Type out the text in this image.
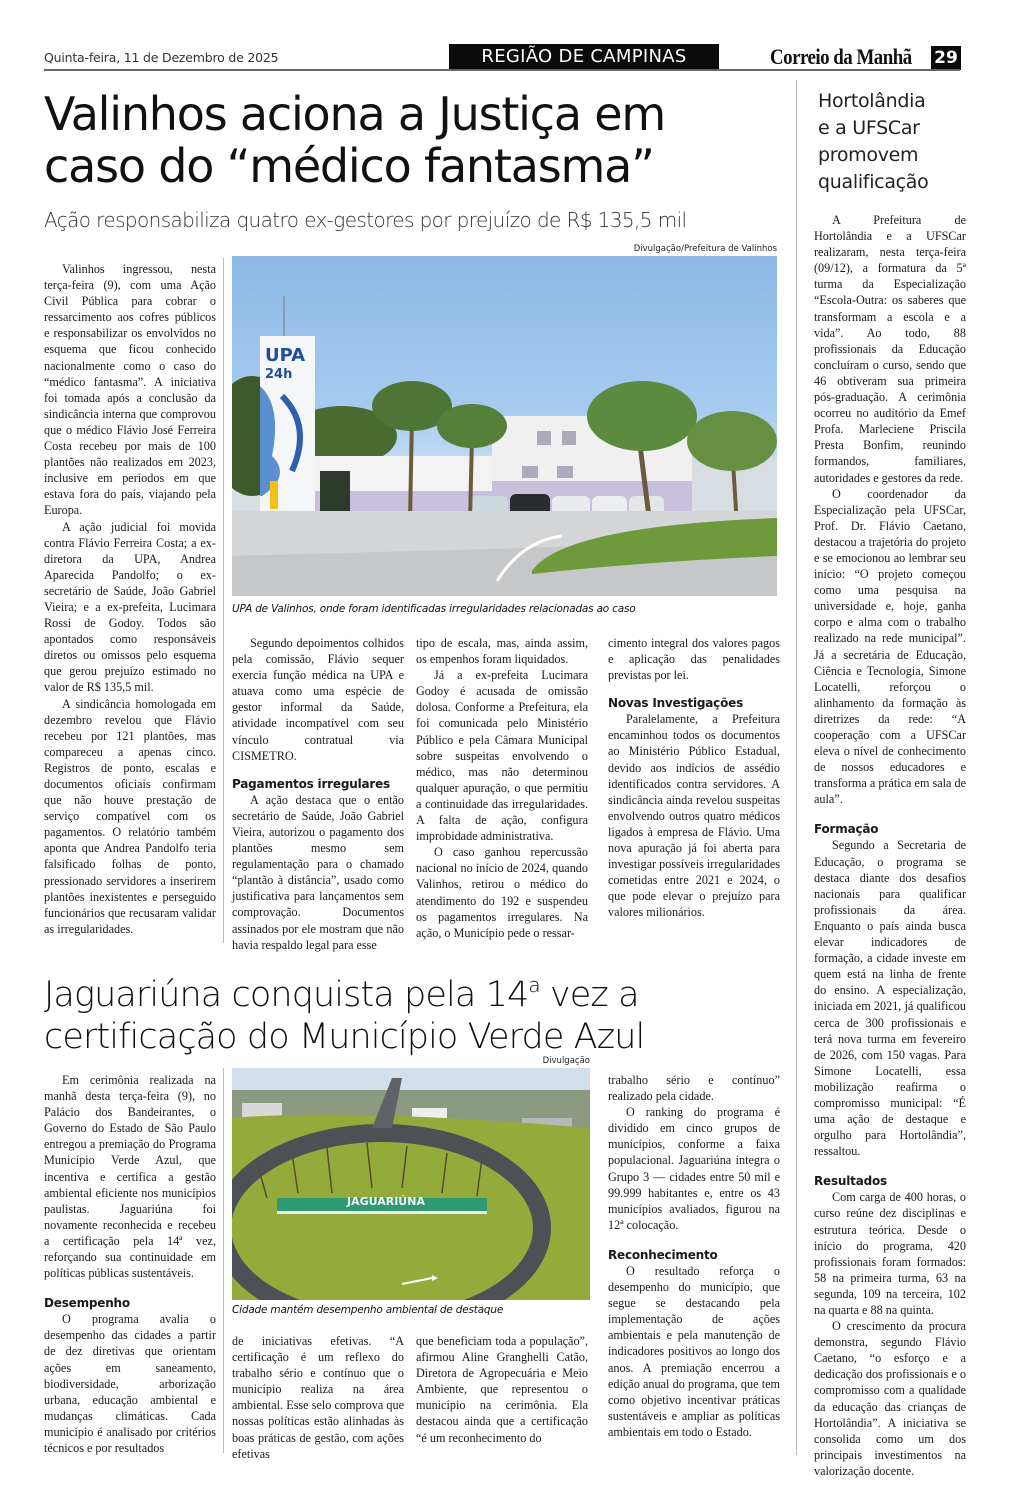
Quinta-feira, 11 de Dezembro de 2025	REGIÃO DE CAMPINAS	Correio da Manhã 29
Valinhos aciona a Justiça em
caso do “médico fantasma”
Ação responsabiliza quatro ex-gestores por prejuízo de R$ 135,5 mil
Divulgação/Prefeitura de Valinhos
UPA
24h
UPA de Valinhos, onde foram identificadas irregularidades relacionadas ao caso

Valinhos ingressou, nesta terça-feira (9), com uma Ação Civil Pública para cobrar o ressarcimento aos cofres públicos e responsabilizar os envolvidos no esquema que ficou conhecido nacionalmente como o caso do “médico fantasma”. A iniciativa foi tomada após a conclusão da sindicância interna que comprovou que o médico Flávio José Ferreira Costa recebeu por mais de 100 plantões não realizados em 2023, inclusive em períodos em que estava fora do país, viajando pela Europa.

A ação judicial foi movida contra Flávio Ferreira Costa; a ex-diretora da UPA, Andrea Aparecida Pandolfo; o ex-secretário de Saúde, João Gabriel Vieira; e a ex-prefeita, Lucimara Rossi de Godoy. Todos são apontados como responsáveis diretos ou omissos pelo esquema que gerou prejuízo estimado no valor de R$ 135,5 mil.

A sindicância homologada em dezembro revelou que Flávio recebeu por 121 plantões, mas compareceu a apenas cinco. Registros de ponto, escalas e documentos oficiais confirmam que não houve prestação de serviço compatível com os pagamentos. O relatório também aponta que Andrea Pandolfo teria falsificado folhas de ponto, pressionado servidores a inserirem plantões inexistentes e perseguido funcionários que recusaram validar as irregularidades.

Segundo depoimentos colhidos pela comissão, Flávio sequer exercia função médica na UPA e atuava como uma espécie de gestor informal da Saúde, atividade incompatível com seu vínculo contratual via CISMETRO.

Pagamentos irregulares

A ação destaca que o então secretário de Saúde, João Gabriel Vieira, autorizou o pagamento dos plantões mesmo sem regulamentação para o chamado “plantão à distância”, usado como justificativa para lançamentos sem comprovação. Documentos assinados por ele mostram que não havia respaldo legal para esse

tipo de escala, mas, ainda assim, os empenhos foram liquidados.

Já a ex-prefeita Lucimara Godoy é acusada de omissão dolosa. Conforme a Prefeitura, ela foi comunicada pelo Ministério Público e pela Câmara Municipal sobre suspeitas envolvendo o médico, mas não determinou qualquer apuração, o que permitiu a continuidade das irregularidades. A falta de ação, configura improbidade administrativa.

O caso ganhou repercussão nacional no início de 2024, quando Valinhos, retirou o médico do atendimento do 192 e suspendeu os pagamentos irregulares. Na ação, o Município pede o ressar-

cimento integral dos valores pagos e aplicação das penalidades previstas por lei.

Novas Investigações

Paralelamente, a Prefeitura encaminhou todos os documentos ao Ministério Público Estadual, devido aos indícios de assédio identificados contra servidores. A sindicância ainda revelou suspeitas envolvendo outros quatro médicos ligados à empresa de Flávio. Uma nova apuração já foi aberta para investigar possíveis irregularidades cometidas entre 2021 e 2024, o que pode elevar o prejuízo para valores milionários.

Hortolândia
e a UFSCar
promovem
qualificação

A Prefeitura de Hortolândia e a UFSCar realizaram, nesta terça-feira (09/12), a formatura da 5ª turma da Especialização “Escola-Outra: os saberes que transformam a escola e a vida”. Ao todo, 88 profissionais da Educação concluíram o curso, sendo que 46 obtiveram sua primeira pós-graduação. A cerimônia ocorreu no auditório da Emef Profa. Marleciene Priscila Presta Bonfim, reunindo formandos, familiares, autoridades e gestores da rede.

O coordenador da Especialização pela UFSCar, Prof. Dr. Flávio Caetano, destacou a trajetória do projeto e se emocionou ao lembrar seu início: “O projeto começou como uma pesquisa na universidade e, hoje, ganha corpo e alma com o trabalho realizado na rede municipal”. Já a secretária de Educação, Ciência e Tecnologia, Simone Locatelli, reforçou o alinhamento da formação às diretrizes da rede: “A cooperação com a UFSCar eleva o nível de conhecimento de nossos educadores e transforma a prática em sala de aula”.

Formação

Segundo a Secretaria de Educação, o programa se destaca diante dos desafios nacionais para qualificar profissionais da área. Enquanto o país ainda busca elevar indicadores de formação, a cidade investe em quem está na linha de frente do ensino. A especialização, iniciada em 2021, já qualificou cerca de 300 profissionais e terá nova turma em fevereiro de 2026, com 150 vagas. Para Simone Locatelli, essa mobilização reafirma o compromisso municipal: “É uma ação de destaque e orgulho para Hortolândia”, ressaltou.

Resultados

Com carga de 400 horas, o curso reúne dez disciplinas e estrutura teórica. Desde o início do programa, 420 profissionais foram formados: 58 na primeira turma, 63 na segunda, 109 na terceira, 102 na quarta e 88 na quinta.

O crescimento da procura demonstra, segundo Flávio Caetano, “o esforço e a dedicação dos profissionais e o compromisso com a qualidade da educação das crianças de Hortolândia”. A iniciativa se consolida como um dos principais investimentos na valorização docente.

Jaguariúna conquista pela 14$^a$ vez a
certificação do Município Verde Azul
Divulgação
JAGUARIÚNA
Cidade mantém desempenho ambiental de destaque

Em cerimônia realizada na manhã desta terça-feira (9), no Palácio dos Bandeirantes, o Governo do Estado de São Paulo entregou a premiação do Programa Município Verde Azul, que incentiva e certifica a gestão ambiental eficiente nos municípios paulistas. Jaguariúna foi novamente reconhecida e recebeu a certificação pela 14ª vez, reforçando sua continuidade em políticas públicas sustentáveis.

Desempenho

O programa avalia o desempenho das cidades a partir de dez diretivas que orientam ações em saneamento, biodiversidade, arborização urbana, educação ambiental e mudanças climáticas. Cada município é analisado por critérios técnicos e por resultados

de iniciativas efetivas. “A certificação é um reflexo do trabalho sério e contínuo que o município realiza na área ambiental. Esse selo comprova que nossas políticas estão alinhadas às boas práticas de gestão, com ações efetivas

que beneficiam toda a população”, afirmou Aline Granghelli Catão, Diretora de Agropecuária e Meio Ambiente, que representou o município na cerimônia. Ela destacou ainda que a certificação “é um reconhecimento do

trabalho sério e contínuo” realizado pela cidade.

O ranking do programa é dividido em cinco grupos de municípios, conforme a faixa populacional. Jaguariúna integra o Grupo 3 — cidades entre 50 mil e 99.999 habitantes e, entre os 43 municípios avaliados, figurou na 12ª colocação.

Reconhecimento

O resultado reforça o desempenho do município, que segue se destacando pela implementação de ações ambientais e pela manutenção de indicadores positivos ao longo dos anos. A premiação encerrou a edição anual do programa, que tem como objetivo incentivar práticas sustentáveis e ampliar as políticas ambientais em todo o Estado.
